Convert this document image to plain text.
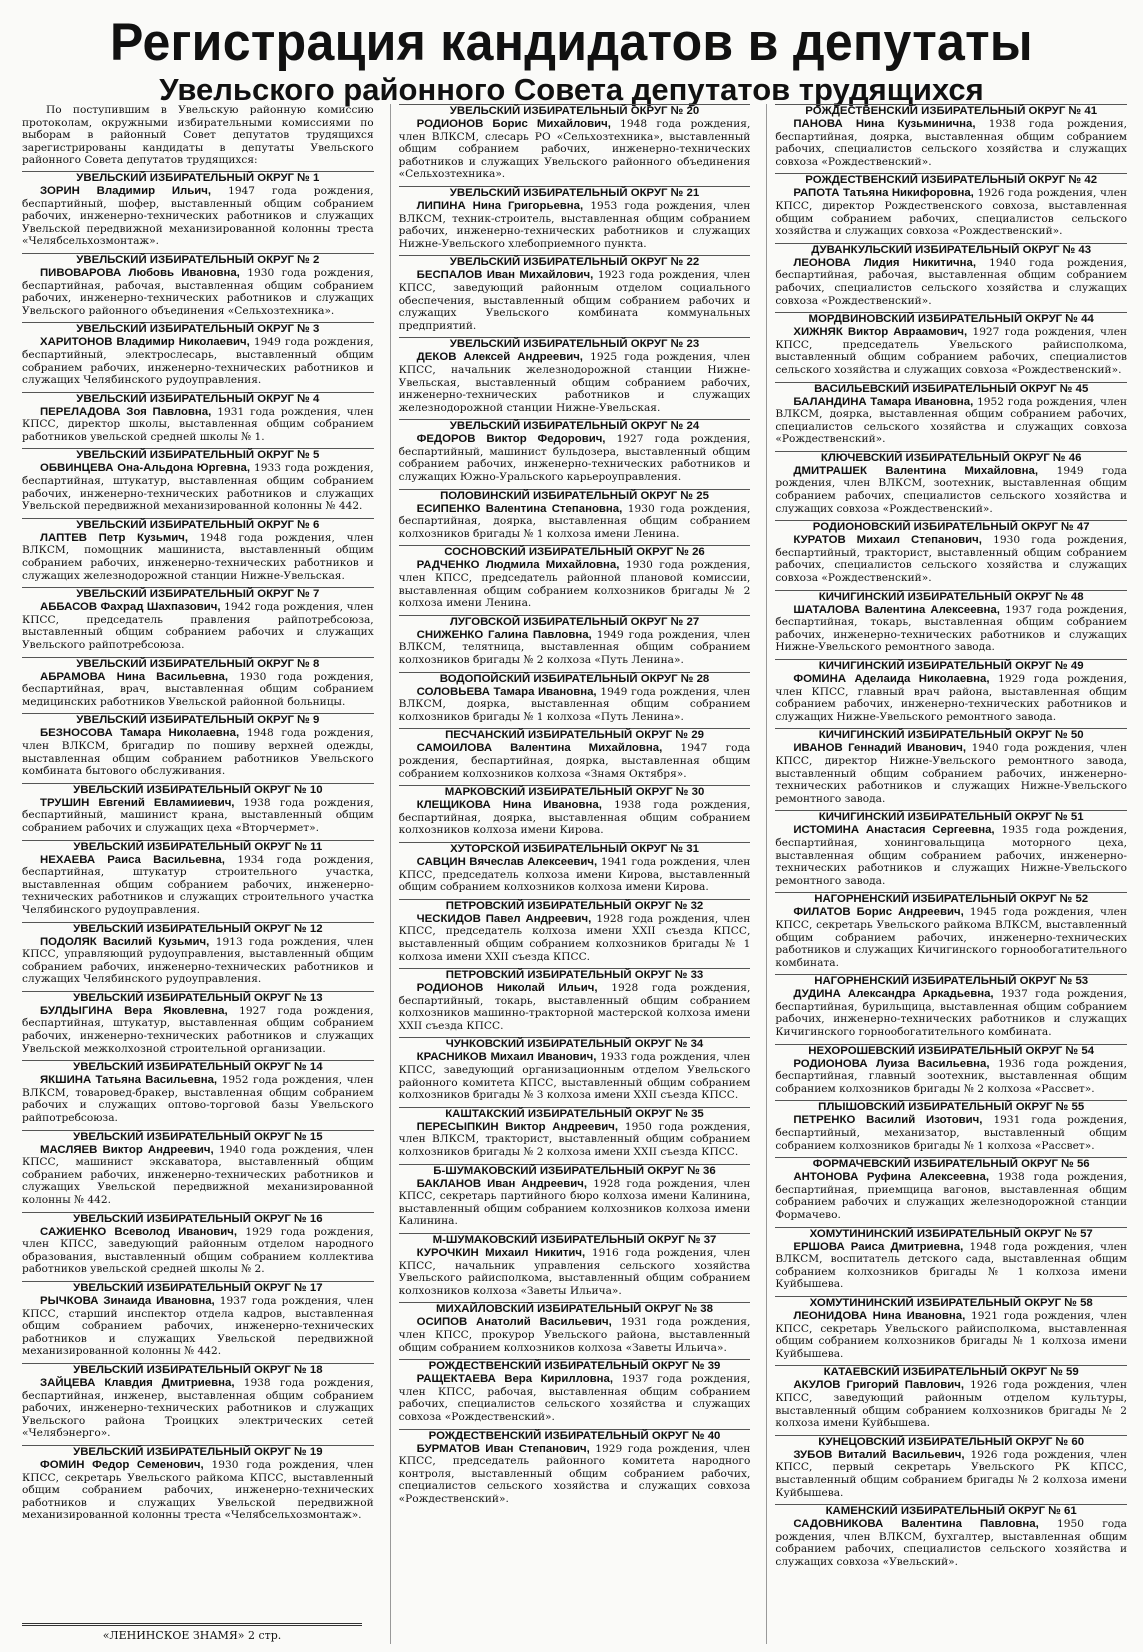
Регистрация кандидатов в депутаты
Увельского районного Совета депутатов трудящихся

По поступившим в Увельскую районную комиссию протоколам, окружными избирательными комиссиями по выборам в районный Совет депутатов трудящихся зарегистрированы кандидаты в депутаты Увельского районного Совета депутатов трудящихся:

УВЕЛЬСКИЙ ИЗБИРАТЕЛЬНЫЙ ОКРУГ № 1

ЗОРИН Владимир Ильич, 1947 года рождения, беспартийный, шофер, выставленный общим собранием рабочих, инженерно-технических работников и служащих Увельской передвижной механизированной колонны треста «Челябсельхозмонтаж».

УВЕЛЬСКИЙ ИЗБИРАТЕЛЬНЫЙ ОКРУГ № 2

ПИВОВАРОВА Любовь Ивановна, 1930 года рождения, беспартийная, рабочая, выставленная общим собранием рабочих, инженерно-технических работников и служащих Увельского районного объединения «Сельхозтехника».

УВЕЛЬСКИЙ ИЗБИРАТЕЛЬНЫЙ ОКРУГ № 3

ХАРИТОНОВ Владимир Николаевич, 1949 года рождения, беспартийный, электрослесарь, выставленный общим собранием рабочих, инженерно-технических работников и служащих Челябинского рудоуправления.

УВЕЛЬСКИЙ ИЗБИРАТЕЛЬНЫЙ ОКРУГ № 4

ПЕРЕЛАДОВА Зоя Павловна, 1931 года рождения, член КПСС, директор школы, выставленная общим собранием работников увельской средней школы № 1.

УВЕЛЬСКИЙ ИЗБИРАТЕЛЬНЫЙ ОКРУГ № 5

ОБВИНЦЕВА Она-Альдона Юргевна, 1933 года рождения, беспартийная, штукатур, выставленная общим собранием рабочих, инженерно-технических работников и служащих Увельской передвижной механизированной колонны № 442.

УВЕЛЬСКИЙ ИЗБИРАТЕЛЬНЫЙ ОКРУГ № 6

ЛАПТЕВ Петр Кузьмич, 1948 года рождения, член ВЛКСМ, помощник машиниста, выставленный общим собранием рабочих, инженерно-технических работников и служащих железнодорожной станции Нижне-Увельская.

УВЕЛЬСКИЙ ИЗБИРАТЕЛЬНЫЙ ОКРУГ № 7

АББАСОВ Фахрад Шахпазович, 1942 года рождения, член КПСС, председатель правления райпотребсоюза, выставленный общим собранием рабочих и служащих Увельского райпотребсоюза.

УВЕЛЬСКИЙ ИЗБИРАТЕЛЬНЫЙ ОКРУГ № 8

АБРАМОВА Нина Васильевна, 1930 года рождения, беспартийная, врач, выставленная общим собранием медицинских работников Увельской районной больницы.

УВЕЛЬСКИЙ ИЗБИРАТЕЛЬНЫЙ ОКРУГ № 9

БЕЗНОСОВА Тамара Николаевна, 1948 года рождения, член ВЛКСМ, бригадир по пошиву верхней одежды, выставленная общим собранием работников Увельского комбината бытового обслуживания.

УВЕЛЬСКИЙ ИЗБИРАТЕЛЬНЫЙ ОКРУГ № 10

ТРУШИН Евгений Евламииевич, 1938 года рождения, беспартийный, машинист крана, выставленный общим собранием рабочих и служащих цеха «Вторчермет».

УВЕЛЬСКИЙ ИЗБИРАТЕЛЬНЫЙ ОКРУГ № 11

НЕХАЕВА Раиса Васильевна, 1934 года рождения, беспартийная, штукатур строительного участка, выставленная общим собранием рабочих, инженерно-технических работников и служащих строительного участка Челябинского рудоуправления.

УВЕЛЬСКИЙ ИЗБИРАТЕЛЬНЫЙ ОКРУГ № 12

ПОДОЛЯК Василий Кузьмич, 1913 года рождения, член КПСС, управляющий рудоуправления, выставленный общим собранием рабочих, инженерно-технических работников и служащих Челябинского рудоуправления.

УВЕЛЬСКИЙ ИЗБИРАТЕЛЬНЫЙ ОКРУГ № 13

БУЛДЫГИНА Вера Яковлевна, 1927 года рождения, беспартийная, штукатур, выставленная общим собранием рабочих, инженерно-технических работников и служащих Увельской межколхозной строительной организации.

УВЕЛЬСКИЙ ИЗБИРАТЕЛЬНЫЙ ОКРУГ № 14

ЯКШИНА Татьяна Васильевна, 1952 года рождения, член ВЛКСМ, товаровед-бракер, выставленная общим собранием рабочих и служащих оптово-торговой базы Увельского райпотребсоюза.

УВЕЛЬСКИЙ ИЗБИРАТЕЛЬНЫЙ ОКРУГ № 15

МАСЛЯЕВ Виктор Андреевич, 1940 года рождения, член КПСС, машинист экскаватора, выставленный общим собранием рабочих, инженерно-технических работников и служащих Увельской передвижной механизированной колонны № 442.

УВЕЛЬСКИЙ ИЗБИРАТЕЛЬНЫЙ ОКРУГ № 16

САЖИЕНКО Всеволод Иванович, 1929 года рождения, член КПСС, заведующий районным отделом народного образования, выставленный общим собранием коллектива работников увельской средней школы № 2.

УВЕЛЬСКИЙ ИЗБИРАТЕЛЬНЫЙ ОКРУГ № 17

РЫЧКОВА Зинаида Ивановна, 1937 года рождения, член КПСС, старший инспектор отдела кадров, выставленная общим собранием рабочих, инженерно-технических работников и служащих Увельской передвижной механизированной колонны № 442.

УВЕЛЬСКИЙ ИЗБИРАТЕЛЬНЫЙ ОКРУГ № 18

ЗАЙЦЕВА Клавдия Дмитриевна, 1938 года рождения, беспартийная, инженер, выставленная общим собранием рабочих, инженерно-технических работников и служащих Увельского района Троицких электрических сетей «Челябэнерго».

УВЕЛЬСКИЙ ИЗБИРАТЕЛЬНЫЙ ОКРУГ № 19

ФОМИН Федор Семенович, 1930 года рождения, член КПСС, секретарь Увельского райкома КПСС, выставленный общим собранием рабочих, инженерно-технических работников и служащих Увельской передвижной механизированной колонны треста «Челябсельхозмонтаж».

УВЕЛЬСКИЙ ИЗБИРАТЕЛЬНЫЙ ОКРУГ № 20

РОДИОНОВ Борис Михайлович, 1948 года рождения, член ВЛКСМ, слесарь РО «Сельхозтехника», выставленный общим собранием рабочих, инженерно-технических работников и служащих Увельского районного объединения «Сельхозтехника».

УВЕЛЬСКИЙ ИЗБИРАТЕЛЬНЫЙ ОКРУГ № 21

ЛИПИНА Нина Григорьевна, 1953 года рождения, член ВЛКСМ, техник-строитель, выставленная общим собранием рабочих, инженерно-технических работников и служащих Нижне-Увельского хлебоприемного пункта.

УВЕЛЬСКИЙ ИЗБИРАТЕЛЬНЫЙ ОКРУГ № 22

БЕСПАЛОВ Иван Михайлович, 1923 года рождения, член КПСС, заведующий районным отделом социального обеспечения, выставленный общим собранием рабочих и служащих Увельского комбината коммунальных предприятий.

УВЕЛЬСКИЙ ИЗБИРАТЕЛЬНЫЙ ОКРУГ № 23

ДЕКОВ Алексей Андреевич, 1925 года рождения, член КПСС, начальник железнодорожной станции Нижне-Увельская, выставленный общим собранием рабочих, инженерно-технических работников и служащих железнодорожной станции Нижне-Увельская.

УВЕЛЬСКИЙ ИЗБИРАТЕЛЬНЫЙ ОКРУГ № 24

ФЕДОРОВ Виктор Федорович, 1927 года рождения, беспартийный, машинист бульдозера, выставленный общим собранием рабочих, инженерно-технических работников и служащих Южно-Уральского карьероуправления.

ПОЛОВИНСКИЙ ИЗБИРАТЕЛЬНЫЙ ОКРУГ № 25

ЕСИПЕНКО Валентина Степановна, 1930 года рождения, беспартийная, доярка, выставленная общим собранием колхозников бригады № 1 колхоза имени Ленина.

СОСНОВСКИЙ ИЗБИРАТЕЛЬНЫЙ ОКРУГ № 26

РАДЧЕНКО Людмила Михайловна, 1930 года рождения, член КПСС, председатель районной плановой комиссии, выставленная общим собранием колхозников бригады № 2 колхоза имени Ленина.

ЛУГОВСКОЙ ИЗБИРАТЕЛЬНЫЙ ОКРУГ № 27

СНИЖЕНКО Галина Павловна, 1949 года рождения, член ВЛКСМ, телятница, выставленная общим собранием колхозников бригады № 2 колхоза «Путь Ленина».

ВОДОПОЙСКИЙ ИЗБИРАТЕЛЬНЫЙ ОКРУГ № 28

СОЛОВЬЕВА Тамара Ивановна, 1949 года рождения, член ВЛКСМ, доярка, выставленная общим собранием колхозников бригады № 1 колхоза «Путь Ленина».

ПЕСЧАНСКИЙ ИЗБИРАТЕЛЬНЫЙ ОКРУГ № 29

САМОИЛОВА Валентина Михайловна, 1947 года рождения, беспартийная, доярка, выставленная общим собранием колхозников колхоза «Знамя Октября».

МАРКОВСКИЙ ИЗБИРАТЕЛЬНЫЙ ОКРУГ № 30

КЛЕЩИКОВА Нина Ивановна, 1938 года рождения, беспартийная, доярка, выставленная общим собранием колхозников колхоза имени Кирова.

ХУТОРСКОЙ ИЗБИРАТЕЛЬНЫЙ ОКРУГ № 31

САВЦИН Вячеслав Алексеевич, 1941 года рождения, член КПСС, председатель колхоза имени Кирова, выставленный общим собранием колхозников колхоза имени Кирова.

ПЕТРОВСКИЙ ИЗБИРАТЕЛЬНЫЙ ОКРУГ № 32

ЧЕСКИДОВ Павел Андреевич, 1928 года рождения, член КПСС, председатель колхоза имени XXII съезда КПСС, выставленный общим собранием колхозников бригады № 1 колхоза имени XXII съезда КПСС.

ПЕТРОВСКИЙ ИЗБИРАТЕЛЬНЫЙ ОКРУГ № 33

РОДИОНОВ Николай Ильич, 1928 года рождения, беспартийный, токарь, выставленный общим собранием колхозников машинно-тракторной мастерской колхоза имени XXII съезда КПСС.

ЧУНКОВСКИЙ ИЗБИРАТЕЛЬНЫЙ ОКРУГ № 34

КРАСНИКОВ Михаил Иванович, 1933 года рождения, член КПСС, заведующий организационным отделом Увельского районного комитета КПСС, выставленный общим собранием колхозников бригады № 3 колхоза имени XXII съезда КПСС.

КАШТАКСКИЙ ИЗБИРАТЕЛЬНЫЙ ОКРУГ № 35

ПЕРЕСЫПКИН Виктор Андреевич, 1950 года рождения, член ВЛКСМ, тракторист, выставленный общим собранием колхозников бригады № 2 колхоза имени XXII съезда КПСС.

Б-ШУМАКОВСКИЙ ИЗБИРАТЕЛЬНЫЙ ОКРУГ № 36

БАКЛАНОВ Иван Андреевич, 1928 года рождения, член КПСС, секретарь партийного бюро колхоза имени Калинина, выставленный общим собранием колхозников колхоза имени Калинина.

М-ШУМАКОВСКИЙ ИЗБИРАТЕЛЬНЫЙ ОКРУГ № 37

КУРОЧКИН Михаил Никитич, 1916 года рождения, член КПСС, начальник управления сельского хозяйства Увельского райисполкома, выставленный общим собранием колхозников колхоза «Заветы Ильича».

МИХАЙЛОВСКИЙ ИЗБИРАТЕЛЬНЫЙ ОКРУГ № 38

ОСИПОВ Анатолий Васильевич, 1931 года рождения, член КПСС, прокурор Увельского района, выставленный общим собранием колхозников колхоза «Заветы Ильича».

РОЖДЕСТВЕНСКИЙ ИЗБИРАТЕЛЬНЫЙ ОКРУГ № 39

РАЩЕКТАЕВА Вера Кирилловна, 1937 года рождения, член КПСС, рабочая, выставленная общим собранием рабочих, специалистов сельского хозяйства и служащих совхоза «Рождественский».

РОЖДЕСТВЕНСКИЙ ИЗБИРАТЕЛЬНЫЙ ОКРУГ № 40

БУРМАТОВ Иван Степанович, 1929 года рождения, член КПСС, председатель районного комитета народного контроля, выставленный общим собранием рабочих, специалистов сельского хозяйства и служащих совхоза «Рождественский».

РОЖДЕСТВЕНСКИЙ ИЗБИРАТЕЛЬНЫЙ ОКРУГ № 41

ПАНОВА Нина Кузьминична, 1938 года рождения, беспартийная, доярка, выставленная общим собранием рабочих, специалистов сельского хозяйства и служащих совхоза «Рождественский».

РОЖДЕСТВЕНСКИЙ ИЗБИРАТЕЛЬНЫЙ ОКРУГ № 42

РАПОТА Татьяна Никифоровна, 1926 года рождения, член КПСС, директор Рождественского совхоза, выставленная общим собранием рабочих, специалистов сельского хозяйства и служащих совхоза «Рождественский».

ДУВАНКУЛЬСКИЙ ИЗБИРАТЕЛЬНЫЙ ОКРУГ № 43

ЛЕОНОВА Лидия Никитична, 1940 года рождения, беспартийная, рабочая, выставленная общим собранием рабочих, специалистов сельского хозяйства и служащих совхоза «Рождественский».

МОРДВИНОВСКИЙ ИЗБИРАТЕЛЬНЫЙ ОКРУГ № 44

ХИЖНЯК Виктор Авраамович, 1927 года рождения, член КПСС, председатель Увельского райисполкома, выставленный общим собранием рабочих, специалистов сельского хозяйства и служащих совхоза «Рождественский».

ВАСИЛЬЕВСКИЙ ИЗБИРАТЕЛЬНЫЙ ОКРУГ № 45

БАЛАНДИНА Тамара Ивановна, 1952 года рождения, член ВЛКСМ, доярка, выставленная общим собранием рабочих, специалистов сельского хозяйства и служащих совхоза «Рождественский».

КЛЮЧЕВСКИЙ ИЗБИРАТЕЛЬНЫЙ ОКРУГ № 46

ДМИТРАШЕК Валентина Михайловна, 1949 года рождения, член ВЛКСМ, зоотехник, выставленная общим собранием рабочих, специалистов сельского хозяйства и служащих совхоза «Рождественский».

РОДИОНОВСКИЙ ИЗБИРАТЕЛЬНЫЙ ОКРУГ № 47

КУРАТОВ Михаил Степанович, 1930 года рождения, беспартийный, тракторист, выставленный общим собранием рабочих, специалистов сельского хозяйства и служащих совхоза «Рождественский».

КИЧИГИНСКИЙ ИЗБИРАТЕЛЬНЫЙ ОКРУГ № 48

ШАТАЛОВА Валентина Алексеевна, 1937 года рождения, беспартийная, токарь, выставленная общим собранием рабочих, инженерно-технических работников и служащих Нижне-Увельского ремонтного завода.

КИЧИГИНСКИЙ ИЗБИРАТЕЛЬНЫЙ ОКРУГ № 49

ФОМИНА Аделаида Николаевна, 1929 года рождения, член КПСС, главный врач района, выставленная общим собранием рабочих, инженерно-технических работников и служащих Нижне-Увельского ремонтного завода.

КИЧИГИНСКИЙ ИЗБИРАТЕЛЬНЫЙ ОКРУГ № 50

ИВАНОВ Геннадий Иванович, 1940 года рождения, член КПСС, директор Нижне-Увельского ремонтного завода, выставленный общим собранием рабочих, инженерно-технических работников и служащих Нижне-Увельского ремонтного завода.

КИЧИГИНСКИЙ ИЗБИРАТЕЛЬНЫЙ ОКРУГ № 51

ИСТОМИНА Анастасия Сергеевна, 1935 года рождения, беспартийная, хонинговальщица моторного цеха, выставленная общим собранием рабочих, инженерно-технических работников и служащих Нижне-Увельского ремонтного завода.

НАГОРНЕНСКИЙ ИЗБИРАТЕЛЬНЫЙ ОКРУГ № 52

ФИЛАТОВ Борис Андреевич, 1945 года рождения, член КПСС, секретарь Увельского райкома ВЛКСМ, выставленный общим собранием рабочих, инженерно-технических работников и служащих Кичигинского горнообогатительного комбината.

НАГОРНЕНСКИЙ ИЗБИРАТЕЛЬНЫЙ ОКРУГ № 53

ДУДИНА Александра Аркадьевна, 1937 года рождения, беспартийная, бурильщица, выставленная общим собранием рабочих, инженерно-технических работников и служащих Кичигинского горнообогатительного комбината.

НЕХОРОШЕВСКИЙ ИЗБИРАТЕЛЬНЫЙ ОКРУГ № 54

РОДИОНОВА Луиза Васильевна, 1936 года рождения, беспартийная, главный зоотехник, выставленная общим собранием колхозников бригады № 2 колхоза «Рассвет».

ПЛЫШОВСКИЙ ИЗБИРАТЕЛЬНЫЙ ОКРУГ № 55

ПЕТРЕНКО Василий Изотович, 1931 года рождения, беспартийный, механизатор, выставленный общим собранием колхозников бригады № 1 колхоза «Рассвет».

ФОРМАЧЕВСКИЙ ИЗБИРАТЕЛЬНЫЙ ОКРУГ № 56

АНТОНОВА Руфина Алексеевна, 1938 года рождения, беспартийная, приемщица вагонов, выставленная общим собранием рабочих и служащих железнодорожной станции Формачево.

ХОМУТИНИНСКИЙ ИЗБИРАТЕЛЬНЫЙ ОКРУГ № 57

ЕРШОВА Раиса Дмитриевна, 1948 года рождения, член ВЛКСМ, воспитатель детского сада, выставленная общим собранием колхозников бригады № 1 колхоза имени Куйбышева.

ХОМУТИНИНСКИЙ ИЗБИРАТЕЛЬНЫЙ ОКРУГ № 58

ЛЕОНИДОВА Нина Ивановна, 1921 года рождения, член КПСС, секретарь Увельского райисполкома, выставленная общим собранием колхозников бригады № 1 колхоза имени Куйбышева.

КАТАЕВСКИЙ ИЗБИРАТЕЛЬНЫЙ ОКРУГ № 59

АКУЛОВ Григорий Павлович, 1926 года рождения, член КПСС, заведующий районным отделом культуры, выставленный общим собранием колхозников бригады № 2 колхоза имени Куйбышева.

КУНЕЦОВСКИЙ ИЗБИРАТЕЛЬНЫЙ ОКРУГ № 60

ЗУБОВ Виталий Васильевич, 1926 года рождения, член КПСС, первый секретарь Увельского РК КПСС, выставленный общим собранием бригады № 2 колхоза имени Куйбышева.

КАМЕНСКИЙ ИЗБИРАТЕЛЬНЫЙ ОКРУГ № 61

САДОВНИКОВА Валентина Павловна, 1950 года рождения, член ВЛКСМ, бухгалтер, выставленная общим собранием рабочих, специалистов сельского хозяйства и служащих совхоза «Увельский».

«ЛЕНИНСКОЕ ЗНАМЯ» 2 стр.
